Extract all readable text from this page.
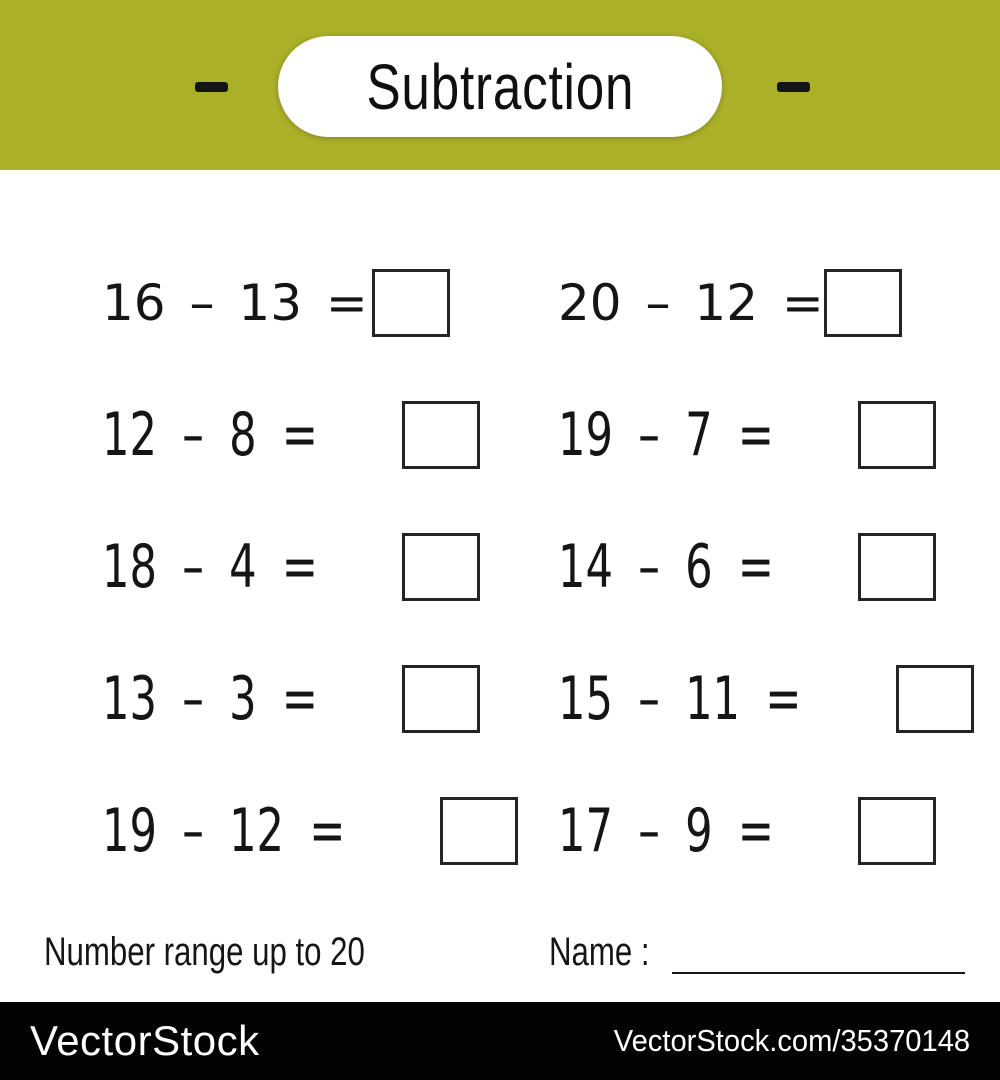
Subtraction
16 – 13 =
12 – 8 =
18 – 4 =
13 – 3 =
19 – 12 =
20 – 12 =
19 – 7 =
14 – 6 =
15 – 11 =
17 – 9 =
Number range up to 20	Name :
VectorStock	VectorStock.com/35370148
